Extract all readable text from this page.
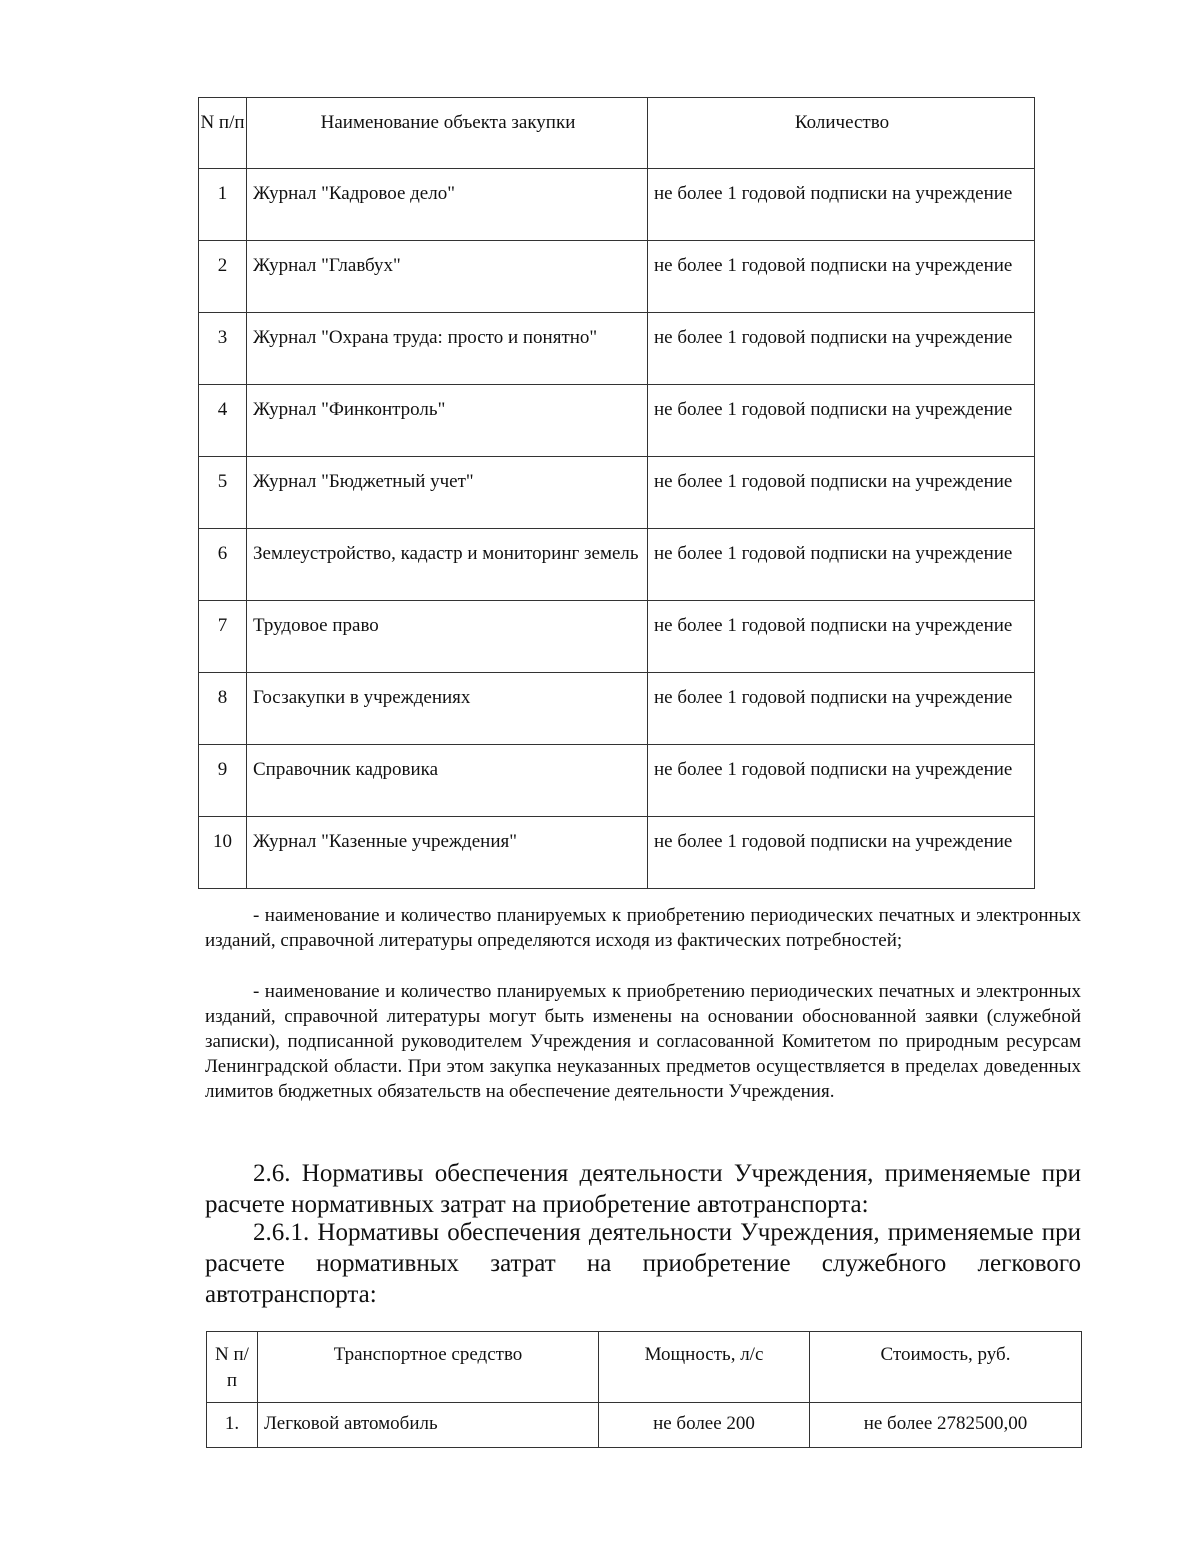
N п/п	Наименование объекта закупки	Количество
1	Журнал "Кадровое дело"	не более 1 годовой подписки на учреждение
2	Журнал "Главбух"	не более 1 годовой подписки на учреждение
3	Журнал "Охрана труда: просто и понятно"	не более 1 годовой подписки на учреждение
4	Журнал "Финконтроль"	не более 1 годовой подписки на учреждение
5	Журнал "Бюджетный учет"	не более 1 годовой подписки на учреждение
6	Землеустройство, кадастр и мониторинг земель	не более 1 годовой подписки на учреждение
7	Трудовое право	не более 1 годовой подписки на учреждение
8	Госзакупки в учреждениях	не более 1 годовой подписки на учреждение
9	Справочник кадровика	не более 1 годовой подписки на учреждение
10	Журнал "Казенные учреждения"	не более 1 годовой подписки на учреждение

- наименование и количество планируемых к приобретению периодических печатных и электронных изданий, справочной литературы определяются исходя из фактических потребностей;

- наименование и количество планируемых к приобретению периодических печатных и электронных изданий, справочной литературы могут быть изменены на основании обоснованной заявки (служебной записки), подписанной руководителем Учреждения и согласованной Комитетом по природным ресурсам Ленинградской области. При этом закупка неуказанных предметов осуществляется в пределах доведенных лимитов бюджетных обязательств на обеспечение деятельности Учреждения.

2.6. Нормативы обеспечения деятельности Учреждения, применяемые при расчете нормативных затрат на приобретение автотранспорта:

2.6.1. Нормативы обеспечения деятельности Учреждения, применяемые при расчете нормативных затрат на приобретение служебного легкового автотранспорта:

N п/п	Транспортное средство	Мощность, л/с	Стоимость, руб.
1.	Легковой автомобиль	не более 200	не более 2782500,00
